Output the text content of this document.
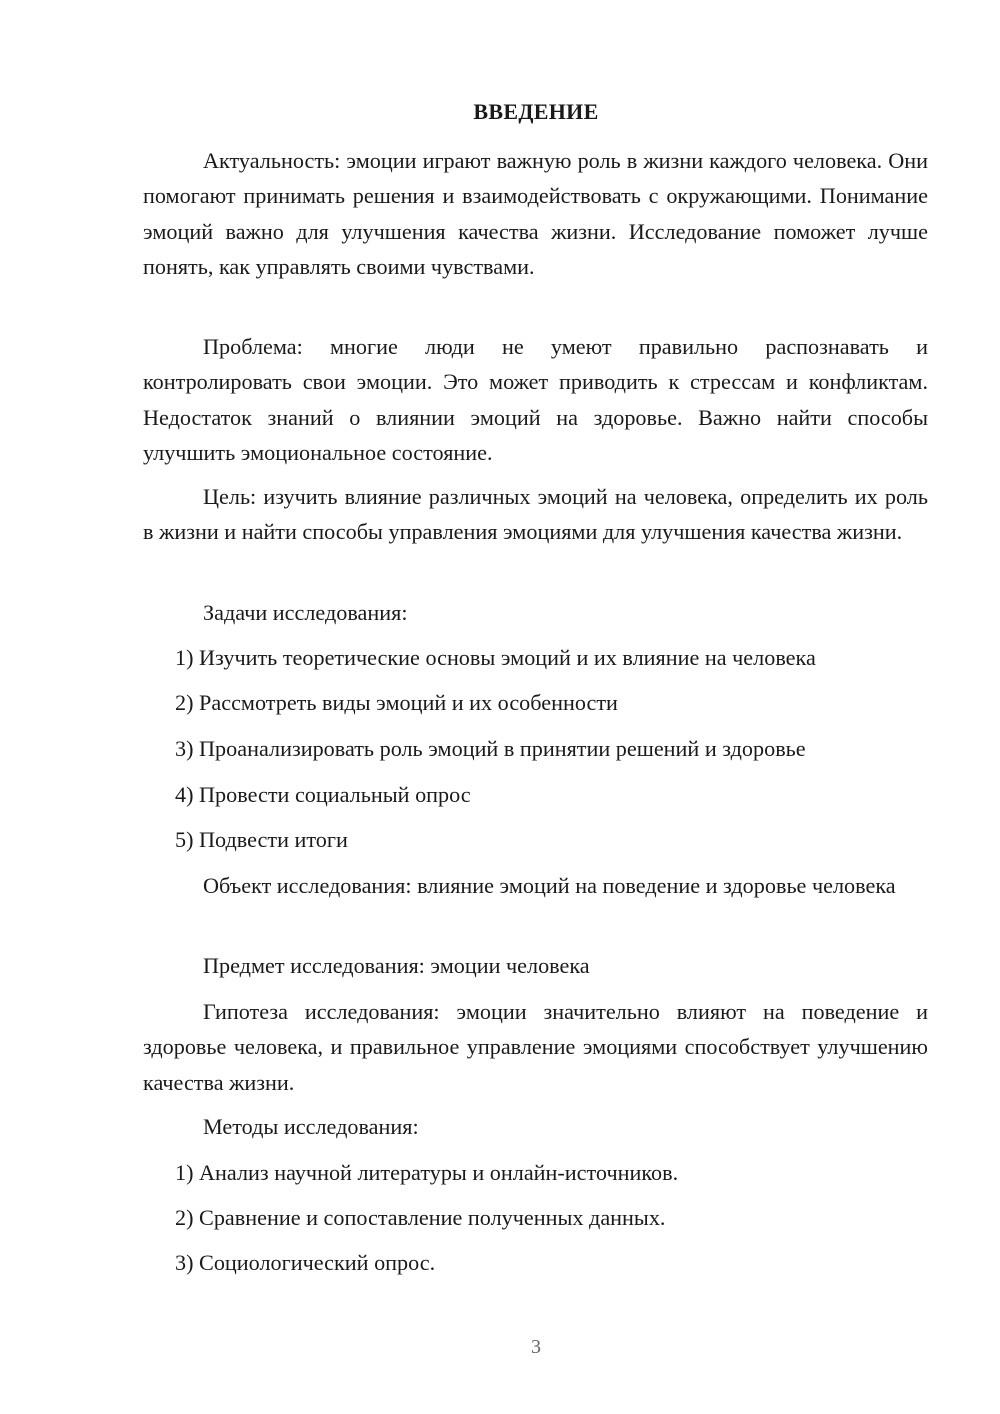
ВВЕДЕНИЕ

Актуальность: эмоции играют важную роль в жизни каждого человека. Они помогают принимать решения и взаимодействовать с окружающими. Понимание эмоций важно для улучшения качества жизни. Исследование поможет лучше понять, как управлять своими чувствами.

Проблема: многие люди не умеют правильно распознавать и контролировать свои эмоции. Это может приводить к стрессам и конфликтам. Недостаток знаний о влиянии эмоций на здоровье. Важно найти способы улучшить эмоциональное состояние.

Цель: изучить влияние различных эмоций на человека, определить их роль в жизни и найти способы управления эмоциями для улучшения качества жизни.

Задачи исследования:

1) Изучить теоретические основы эмоций и их влияние на человека

2) Рассмотреть виды эмоций и их особенности

3) Проанализировать роль эмоций в принятии решений и здоровье

4) Провести социальный опрос

5) Подвести итоги

Объект исследования: влияние эмоций на поведение и здоровье человека

Предмет исследования: эмоции человека

Гипотеза исследования: эмоции значительно влияют на поведение и здоровье человека, и правильное управление эмоциями способствует улучшению качества жизни.

Методы исследования:

1) Анализ научной литературы и онлайн-источников.

2) Сравнение и сопоставление полученных данных.

3) Социологический опрос.

3
